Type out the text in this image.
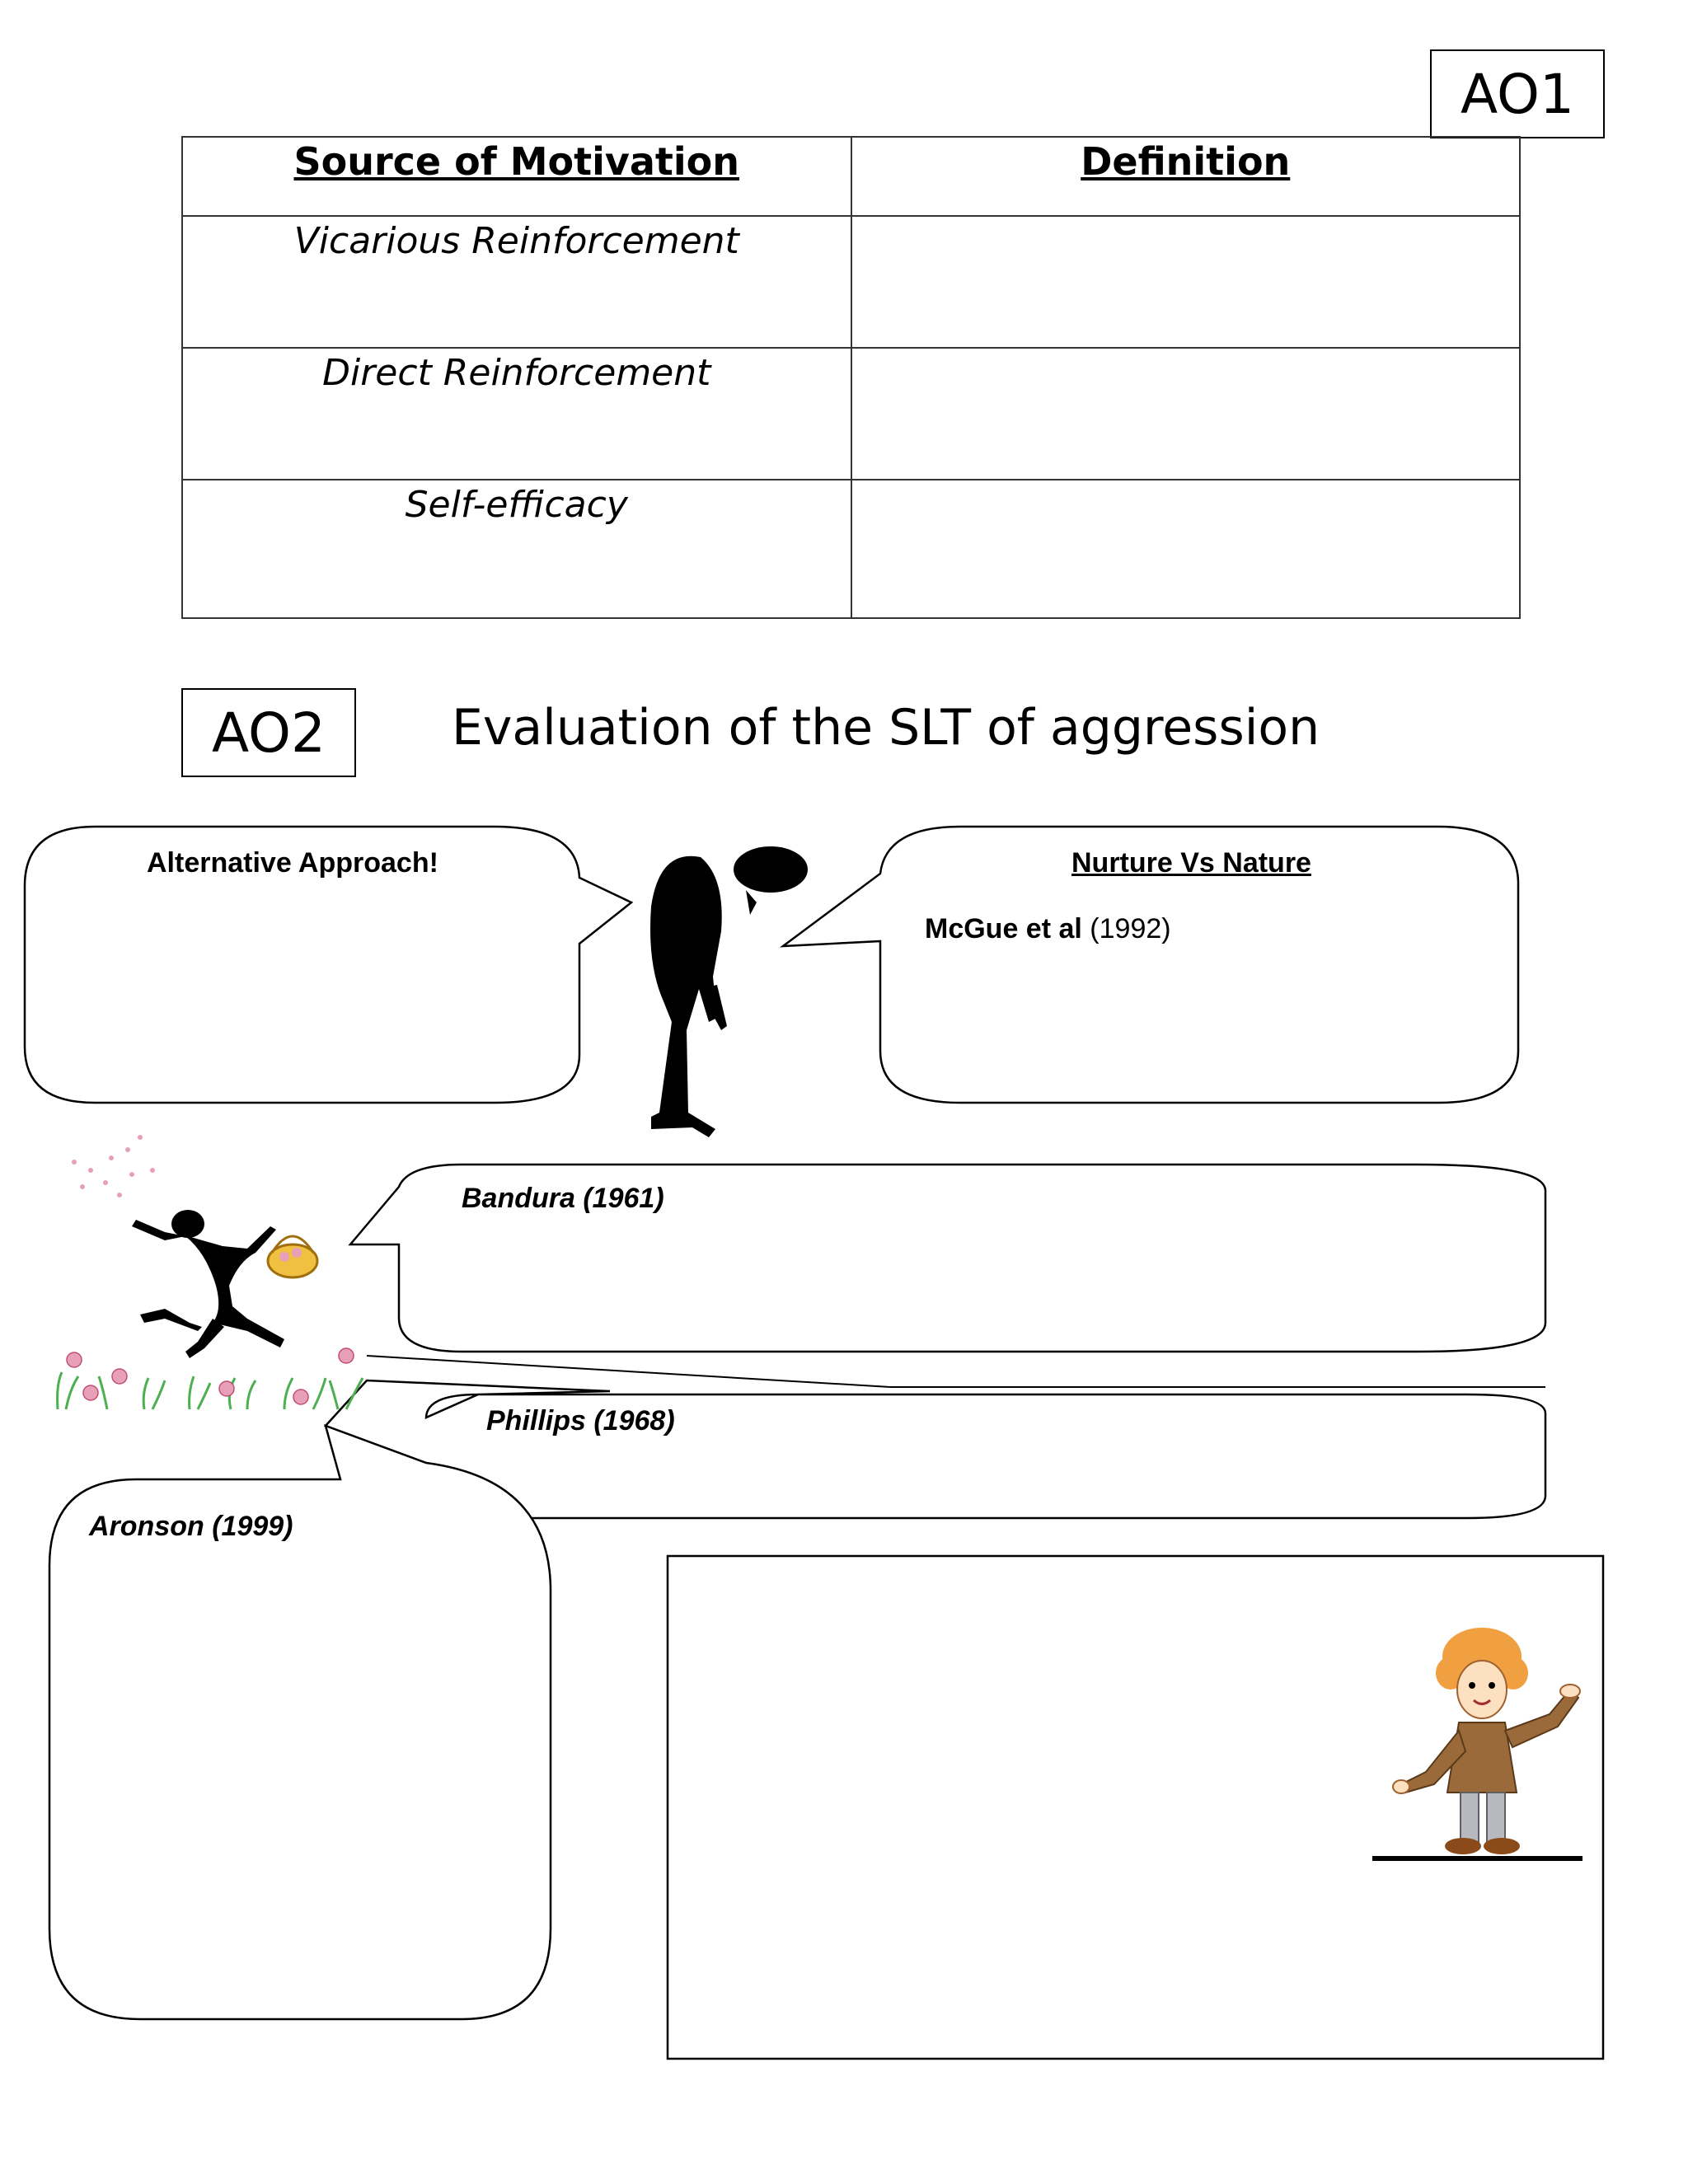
AO1
Source of Motivation	Definition
Vicarious Reinforcement	
Direct Reinforcement	
Self-efficacy	
AO2	Evaluation of the SLT of aggression
Alternative Approach!	Nurture Vs Nature
McGue et al (1992)
Bandura (1961)
Phillips (1968)
Aronson (1999)
